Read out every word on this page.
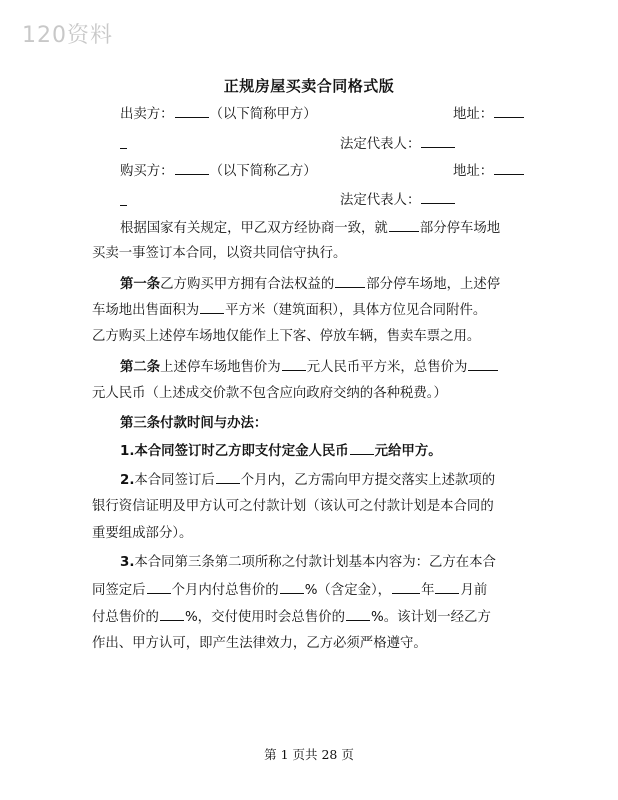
120资料
正规房屋买卖合同格式版
出卖方：	（以下简称甲方）	地址：
法定代表人：
购买方：	（以下简称乙方）	地址：
法定代表人：
根据国家有关规定，甲乙双方经协商一致，就 部分停车场地
买卖一事签订本合同，以资共同信守执行。
第一条乙方购买甲方拥有合法权益的 部分停车场地，上述停
车场地出售面积为 平方米（建筑面积），具体方位见合同附件。
乙方购买上述停车场地仅能作上下客、停放车辆，售卖车票之用。
第二条上述停车场地售价为 元人民币平方米，总售价为
元人民币（上述成交价款不包含应向政府交纳的各种税费。）
第三条付款时间与办法：
1.本合同签订时乙方即支付定金人民币 元给甲方。
2.本合同签订后 个月内，乙方需向甲方提交落实上述款项的
银行资信证明及甲方认可之付款计划（该认可之付款计划是本合同的
重要组成部分）。
3.本合同第三条第二项所称之付款计划基本内容为：乙方在本合
同签定后 个月内付总售价的 %（含定金）， 年 月前
付总售价的 %，交付使用时会总售价的 %。该计划一经乙方
作出、甲方认可，即产生法律效力，乙方必须严格遵守。
第 1 页共 28 页
